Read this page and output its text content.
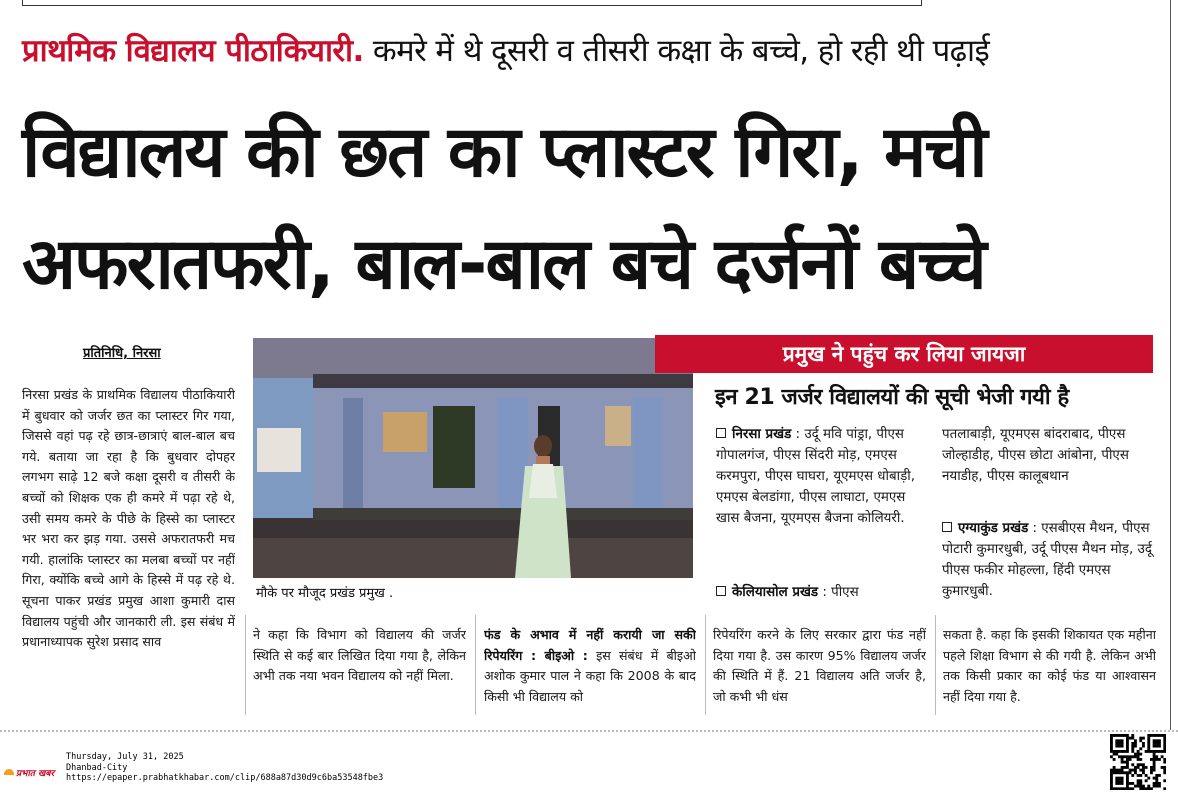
प्राथमिक विद्यालय पीठाकियारी. कमरे में थे दूसरी व तीसरी कक्षा के बच्चे, हो रही थी पढ़ाई
विद्यालय की छत का प्लास्टर गिरा, मची
अफरातफरी, बाल-बाल बचे दर्जनों बच्चे
प्रतिनिधि, निरसा
निरसा प्रखंड के प्राथमिक विद्यालय पीठाकियारी में बुधवार को जर्जर छत का प्लास्टर गिर गया, जिससे वहां पढ़ रहे छात्र-छात्राएं बाल-बाल बच गये. बताया जा रहा है कि बुधवार दोपहर लगभग साढ़े 12 बजे कक्षा दूसरी व तीसरी के बच्चों को शिक्षक एक ही कमरे में पढ़ा रहे थे, उसी समय कमरे के पीछे के हिस्से का प्लास्टर भर भरा कर झड़ गया. उससे अफरातफरी मच गयी. हालांकि प्लास्टर का मलबा बच्चों पर नहीं गिरा, क्योंकि बच्चे आगे के हिस्से में पढ़ रहे थे. सूचना पाकर प्रखंड प्रमुख आशा कुमारी दास विद्यालय पहुंची और जानकारी ली. इस संबंध में प्रधानाध्यापक सुरेश प्रसाद साव
मौके पर मौजूद प्रखंड प्रमुख .
प्रमुख ने पहुंच कर लिया जायजा
इन 21 जर्जर विद्यालयों की सूची भेजी गयी है
निरसा प्रखंड : उर्दू मवि पांड्रा, पीएस गोपालगंज, पीएस सिंदरी मोड़, एमएस करमपुरा, पीएस घाघरा, यूएमएस धोबाड़ी, एमएस बेलडांगा, पीएस लाघाटा, एमएस खास बैजना, यूएमएस बैजना कोलियरी.
केलियासोल प्रखंड : पीएस
पतलाबाड़ी, यूएमएस बांदराबाद, पीएस जोल्हाडीह, पीएस छोटा आंबोना, पीएस नयाडीह, पीएस कालूबथान
एग्याकुंड प्रखंड : एसबीएस मैथन, पीएस पोटारी कुमारधुबी, उर्दू पीएस मैथन मोड़, उर्दू पीएस फकीर मोहल्ला, हिंदी एमएस कुमारधुबी.
ने कहा कि विभाग को विद्यालय की जर्जर स्थिति से कई बार लिखित दिया गया है, लेकिन अभी तक नया भवन विद्यालय को नहीं मिला.
फंड के अभाव में नहीं करायी जा सकी रिपेयरिंग : बीइओ : इस संबंध में बीइओ अशोक कुमार पाल ने कहा कि 2008 के बाद किसी भी विद्यालय को
रिपेयरिंग करने के लिए सरकार द्वारा फंड नहीं दिया गया है. उस कारण 95% विद्यालय जर्जर की स्थिति में हैं. 21 विद्यालय अति जर्जर है, जो कभी भी धंस
सकता है. कहा कि इसकी शिकायत एक महीना पहले शिक्षा विभाग से की गयी है. लेकिन अभी तक किसी प्रकार का कोई फंड या आश्वासन नहीं दिया गया है.
प्रभात खबर
Thursday, July 31, 2025
Dhanbad-City
https://epaper.prabhatkhabar.com/clip/688a87d30d9c6ba53548fbe3
